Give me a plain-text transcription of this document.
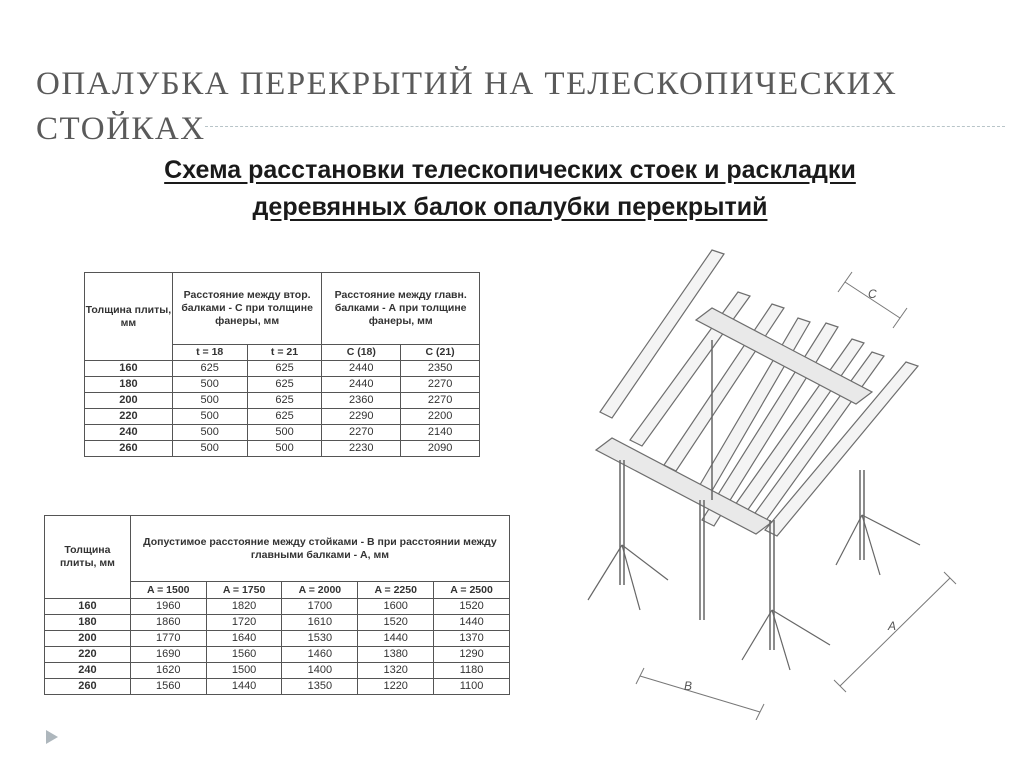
ОПАЛУБКА ПЕРЕКРЫТИЙ НА ТЕЛЕСКОПИЧЕСКИХ СТОЙКАХ
Схема расстановки телескопических стоек и раскладки
деревянных балок опалубки перекрытий
Толщина плиты, мм	Расстояние между втор. балками - С при толщине фанеры, мм		Расстояние между главн. балками - А при толщине фанеры, мм	
	t = 18	t = 21	C (18)	C (21)
160	625	625	2440	2350
180	500	625	2440	2270
200	500	625	2360	2270
220	500	625	2290	2200
240	500	500	2270	2140
260	500	500	2230	2090
Толщина плиты, мм	Допустимое расстояние между стойками - В при расстоянии между главными балками - А, мм				
	A = 1500	A = 1750	A = 2000	A = 2250	A = 2500
160	1960	1820	1700	1600	1520
180	1860	1720	1610	1520	1440
200	1770	1640	1530	1440	1370
220	1690	1560	1460	1380	1290
240	1620	1500	1400	1320	1180
260	1560	1440	1350	1220	1100
C
A
B
